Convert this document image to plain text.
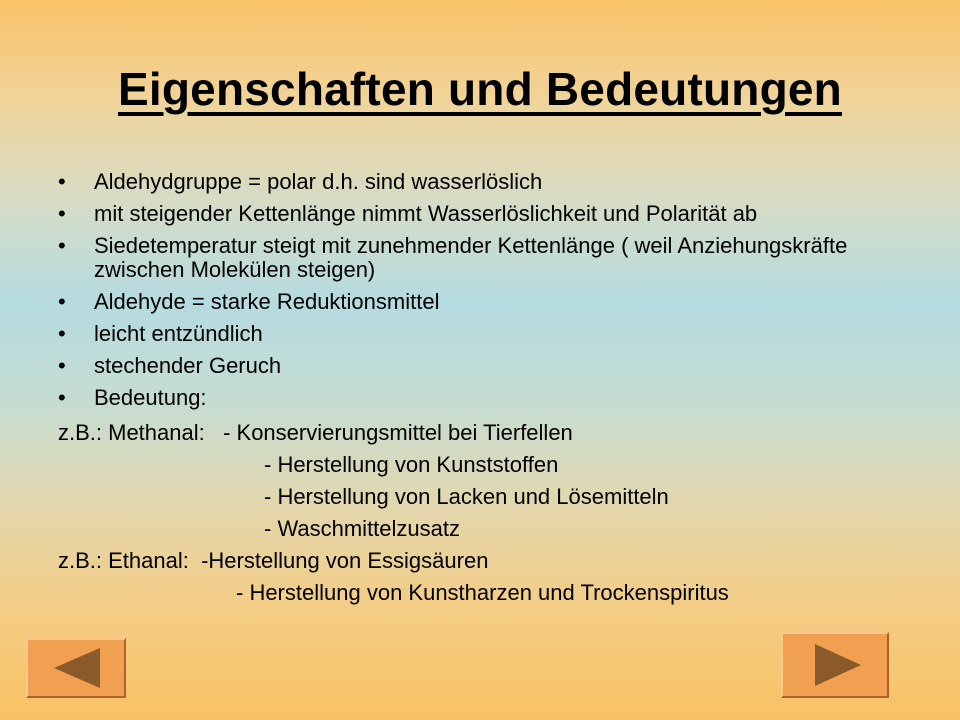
Eigenschaften und Bedeutungen
• Aldehydgruppe = polar d.h. sind wasserlöslich
• mit steigender Kettenlänge nimmt Wasserlöslichkeit und Polarität ab
• Siedetemperatur steigt mit zunehmender Kettenlänge ( weil Anziehungskräfte zwischen Molekülen steigen)
• Aldehyde = starke Reduktionsmittel
• leicht entzündlich
• stechender Geruch
• Bedeutung:
z.B.: Methanal:   - Konservierungsmittel bei Tierfellen
- Herstellung von Kunststoffen
- Herstellung von Lacken und Lösemitteln
- Waschmittelzusatz
z.B.: Ethanal:  -Herstellung von Essigsäuren
- Herstellung von Kunstharzen und Trockenspiritus
